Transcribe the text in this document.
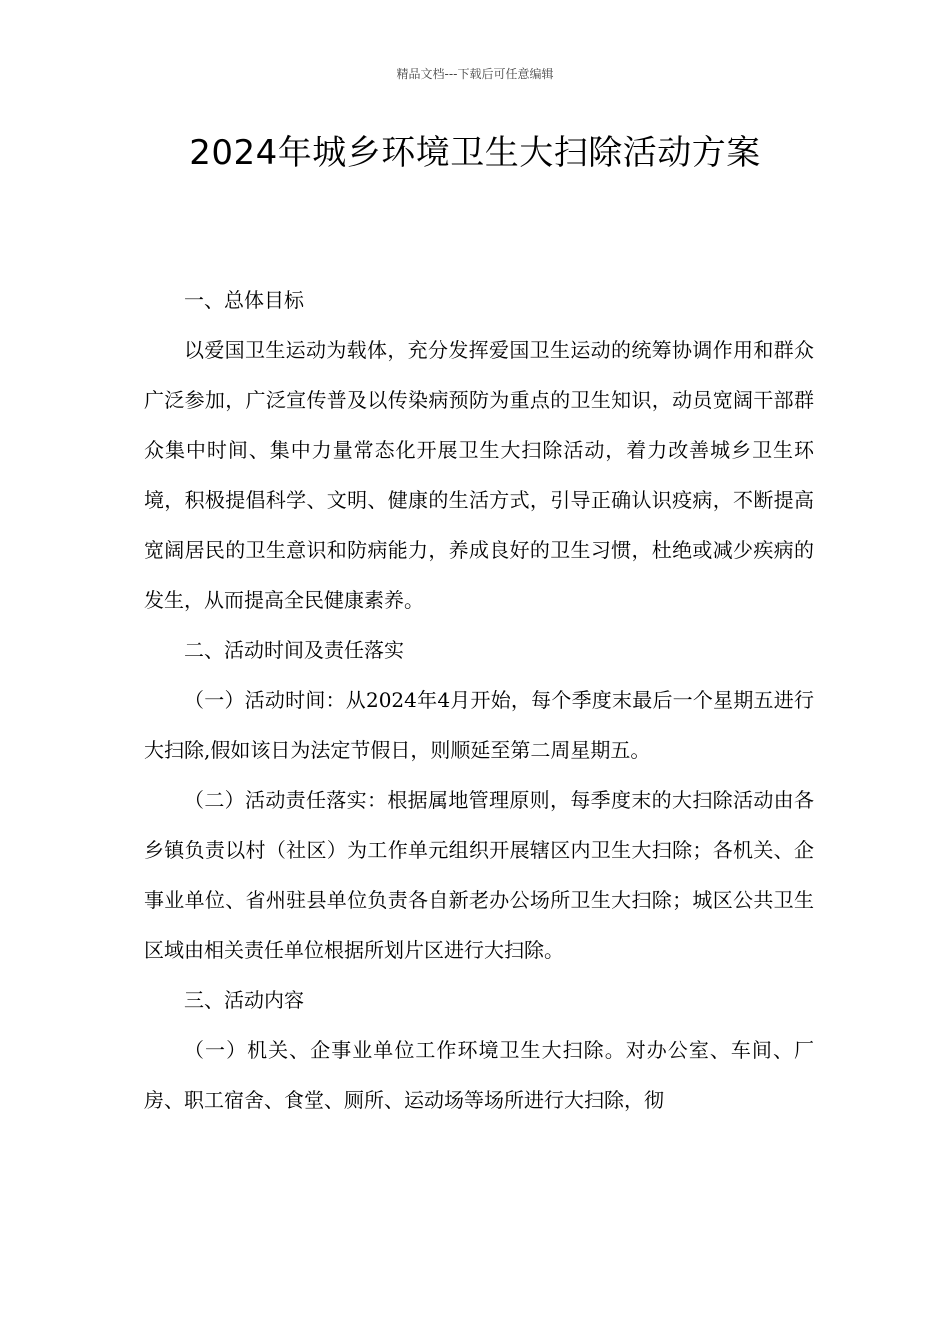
精品文档---下载后可任意编辑
2024年城乡环境卫生大扫除活动方案

一、总体目标

以爱国卫生运动为载体，充分发挥爱国卫生运动的统筹协调作用和群众广泛参加，广泛宣传普及以传染病预防为重点的卫生知识，动员宽阔干部群众集中时间、集中力量常态化开展卫生大扫除活动，着力改善城乡卫生环境，积极提倡科学、文明、健康的生活方式，引导正确认识疫病，不断提高宽阔居民的卫生意识和防病能力，养成良好的卫生习惯，杜绝或减少疾病的发生，从而提高全民健康素养。

二、活动时间及责任落实

（一）活动时间：从2024年4月开始，每个季度末最后一个星期五进行大扫除,假如该日为法定节假日，则顺延至第二周星期五。

（二）活动责任落实：根据属地管理原则，每季度末的大扫除活动由各乡镇负责以村（社区）为工作单元组织开展辖区内卫生大扫除；各机关、企事业单位、省州驻县单位负责各自新老办公场所卫生大扫除；城区公共卫生区域由相关责任单位根据所划片区进行大扫除。

三、活动内容

（一）机关、企事业单位工作环境卫生大扫除。对办公室、车间、厂房、职工宿舍、食堂、厕所、运动场等场所进行大扫除，彻
